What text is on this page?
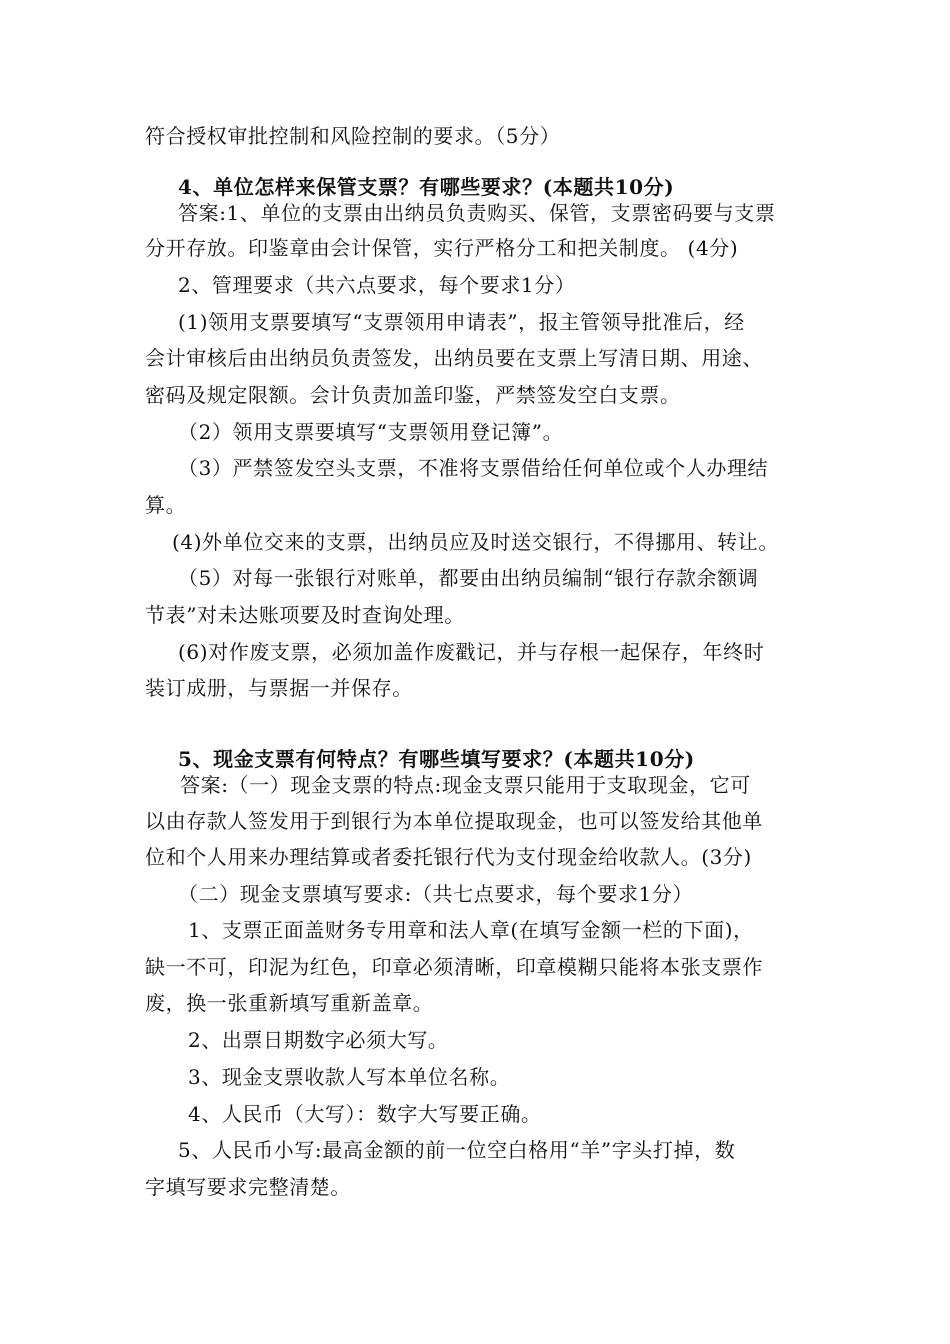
符合授权审批控制和风险控制的要求。（5分）
4、单位怎样来保管支票？有哪些要求？(本题共10分)
答案:1、单位的支票由出纳员负责购买、保管，支票密码要与支票
分开存放。印鉴章由会计保管，实行严格分工和把关制度。 (4分)
2、管理要求（共六点要求，每个要求1分）
(1)领用支票要填写“支票领用申请表”，报主管领导批准后，经
会计审核后由出纳员负责签发，出纳员要在支票上写清日期、用途、
密码及规定限额。会计负责加盖印鉴，严禁签发空白支票。
（2）领用支票要填写“支票领用登记簿”。
（3）严禁签发空头支票，不准将支票借给任何单位或个人办理结
算。
(4)外单位交来的支票，出纳员应及时送交银行，不得挪用、转让。
（5）对每一张银行对账单，都要由出纳员编制“银行存款余额调
节表”对未达账项要及时查询处理。
(6)对作废支票，必须加盖作废戳记，并与存根一起保存，年终时
装订成册，与票据一并保存。
5、现金支票有何特点？有哪些填写要求？(本题共10分)
答案:（一）现金支票的特点:现金支票只能用于支取现金，它可
以由存款人签发用于到银行为本单位提取现金，也可以签发给其他单
位和个人用来办理结算或者委托银行代为支付现金给收款人。(3分)
（二）现金支票填写要求:（共七点要求，每个要求1分）
1、支票正面盖财务专用章和法人章(在填写金额一栏的下面)，
缺一不可，印泥为红色，印章必须清晰，印章模糊只能将本张支票作
废，换一张重新填写重新盖章。
2、出票日期数字必须大写。
3、现金支票收款人写本单位名称。
4、人民币（大写）：数字大写要正确。
5、人民币小写:最高金额的前一位空白格用“羊”字头打掉，数
字填写要求完整清楚。
